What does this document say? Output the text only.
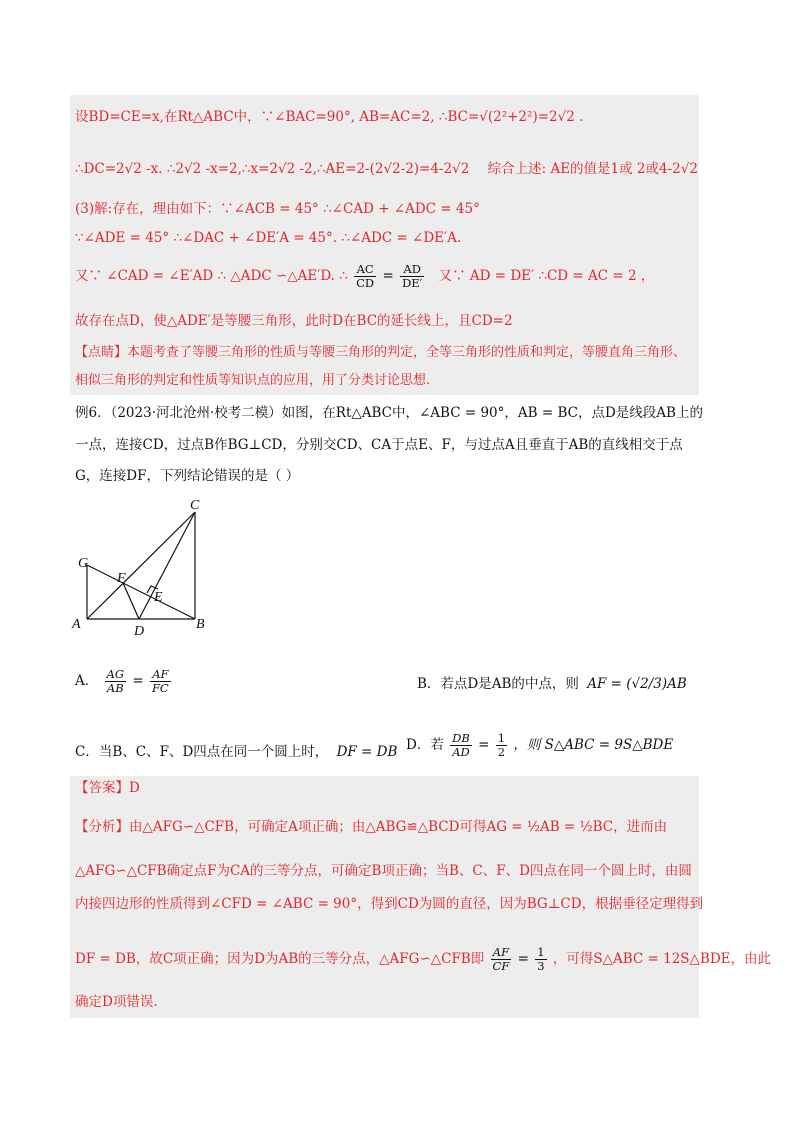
设BD=CE=x,在Rt△ABC中，∵∠BAC=90°, AB=AC=2, ∴BC=√(2²+2²)=2√2 .
∴DC=2√2 -x. ∴2√2 -x=2,∴x=2√2 -2,∴AE=2-(2√2-2)=4-2√2 综合上述: AE的值是1或 2或4-2√2
(3)解:存在，理由如下：∵∠ACB = 45° ∴∠CAD + ∠ADC = 45°
∵∠ADE = 45° ∴∠DAC + ∠DE′A = 45°. ∴∠ADC = ∠DE′A.
又∵ ∠CAD = ∠E′AD ∴ △ADC ∽△AE′D. ∴ $\frac{AC}{CD} = \frac{AD}{DE'}$ 又∵ AD = DE′ ∴CD = AC = 2 ，
故存在点D，使△ADE′是等腰三角形，此时D在BC的延长线上，且CD=2
【点睛】本题考查了等腰三角形的性质与等腰三角形的判定，全等三角形的性质和判定，等腰直角三角形、
相似三角形的判定和性质等知识点的应用，用了分类讨论思想.
例6．（2023·河北沧州·校考二模）如图，在Rt△ABC中，∠ABC = 90°，AB = BC，点D是线段AB上的
一点，连接CD，过点B作BG⊥CD，分别交CD、CA于点E、F，与过点A且垂直于AB的直线相交于点
G，连接DF，下列结论错误的是（ ）
C
G
F
E
A	D	B
A． $\frac{AG}{AB} = \frac{AF}{FC}$	B．若点D是AB的中点，则 AF = (√2/3)AB
C．当B、C、F、D四点在同一个圆上时， DF = DB D．若 $\frac{DB}{AD} = \frac{1}{2}$ ，则 S△ABC = 9S△BDE
【答案】D
【分析】由△AFG∽△CFB，可确定A项正确；由△ABG≌△BCD可得AG = ½AB = ½BC，进而由
△AFG∽△CFB确定点F为CA的三等分点，可确定B项正确；当B、C、F、D四点在同一个圆上时，由圆
内接四边形的性质得到∠CFD = ∠ABC = 90°，得到CD为圆的直径，因为BG⊥CD，根据垂径定理得到
DF = DB，故C项正确；因为D为AB的三等分点，△AFG∽△CFB即 $\frac{AF}{CF} = \frac{1}{3}$ ，可得S△ABC = 12S△BDE，由此
确定D项错误.
